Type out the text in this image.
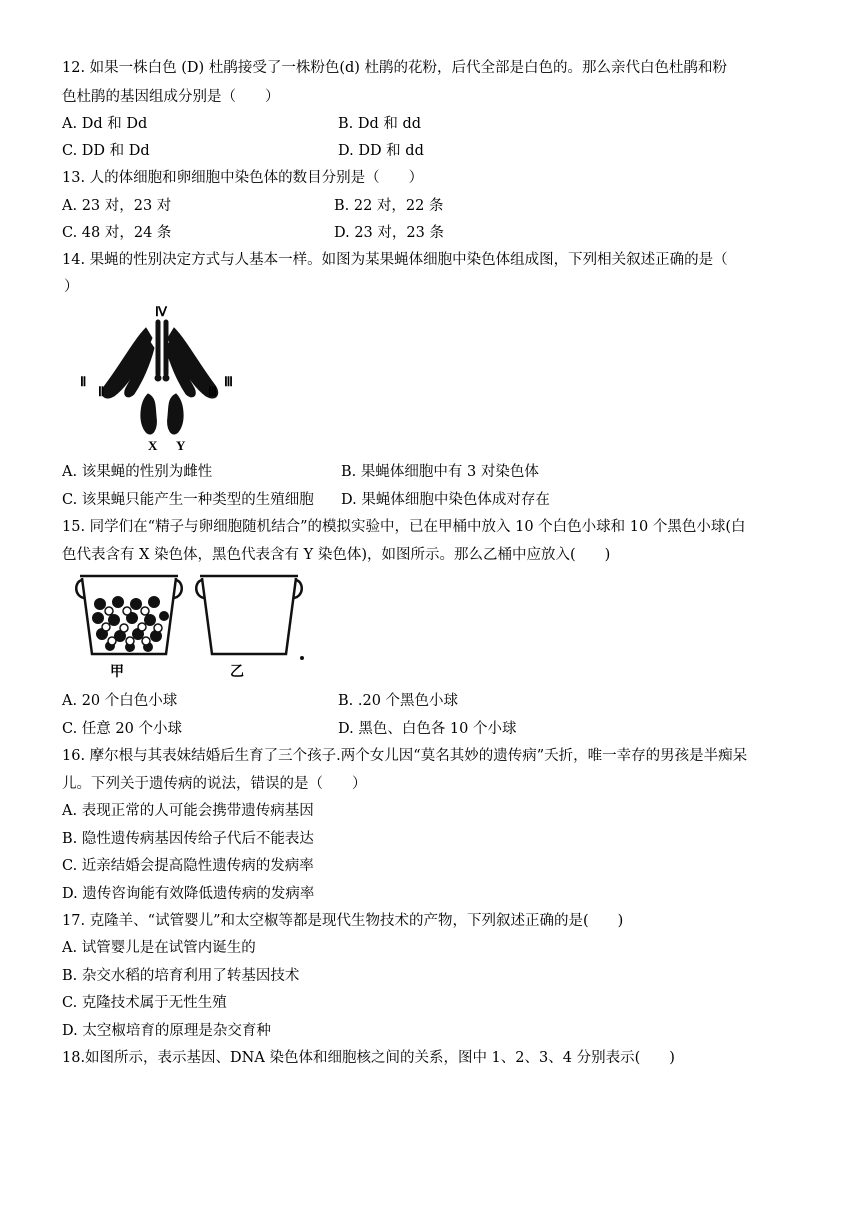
12. 如果一株白色 (D) 杜鹃接受了一株粉色(d) 杜鹃的花粉，后代全部是白色的。那么亲代白色杜鹃和粉
色杜鹃的基因组成分别是（　　）
A. Dd 和 Dd	B. Dd 和 dd
C. DD 和 Dd	D. DD 和 dd
13. 人的体细胞和卵细胞中染色体的数目分别是（　　）
A. 23 对，23 对	B. 22 对，22 条
C. 48 对，24 条	D. 23 对，23 条
14. 果蝇的性别决定方式与人基本一样。如图为某果蝇体细胞中染色体组成图，下列相关叙述正确的是（
）
Ⅳ
Ⅱ
Ⅱ
Ⅲ
Ⅲ
X Y
A. 该果蝇的性别为雌性	B. 果蝇体细胞中有 3 对染色体
C. 该果蝇只能产生一种类型的生殖细胞 D. 果蝇体细胞中染色体成对存在
15. 同学们在“精子与卵细胞随机结合”的模拟实验中，已在甲桶中放入 10 个白色小球和 10 个黑色小球(白
色代表含有 X 染色体，黑色代表含有 Y 染色体)，如图所示。那么乙桶中应放入(　　)
甲	乙
A. 20 个白色小球	B. .20 个黑色小球
C. 任意 20 个小球	D. 黑色、白色各 10 个小球
16. 摩尔根与其表妹结婚后生育了三个孩子.两个女儿因“莫名其妙的遗传病”夭折，唯一幸存的男孩是半痴呆
儿。下列关于遗传病的说法，错误的是（　　）
A. 表现正常的人可能会携带遗传病基因
B. 隐性遗传病基因传给子代后不能表达
C. 近亲结婚会提高隐性遗传病的发病率
D. 遗传咨询能有效降低遗传病的发病率
17. 克隆羊、“试管婴儿”和太空椒等都是现代生物技术的产物，下列叙述正确的是(　　)
A. 试管婴儿是在试管内诞生的
B. 杂交水稻的培育利用了转基因技术
C. 克隆技术属于无性生殖
D. 太空椒培育的原理是杂交育种
18.如图所示，表示基因、DNA 染色体和细胞核之间的关系，图中 1、2、3、4 分别表示(　　)
